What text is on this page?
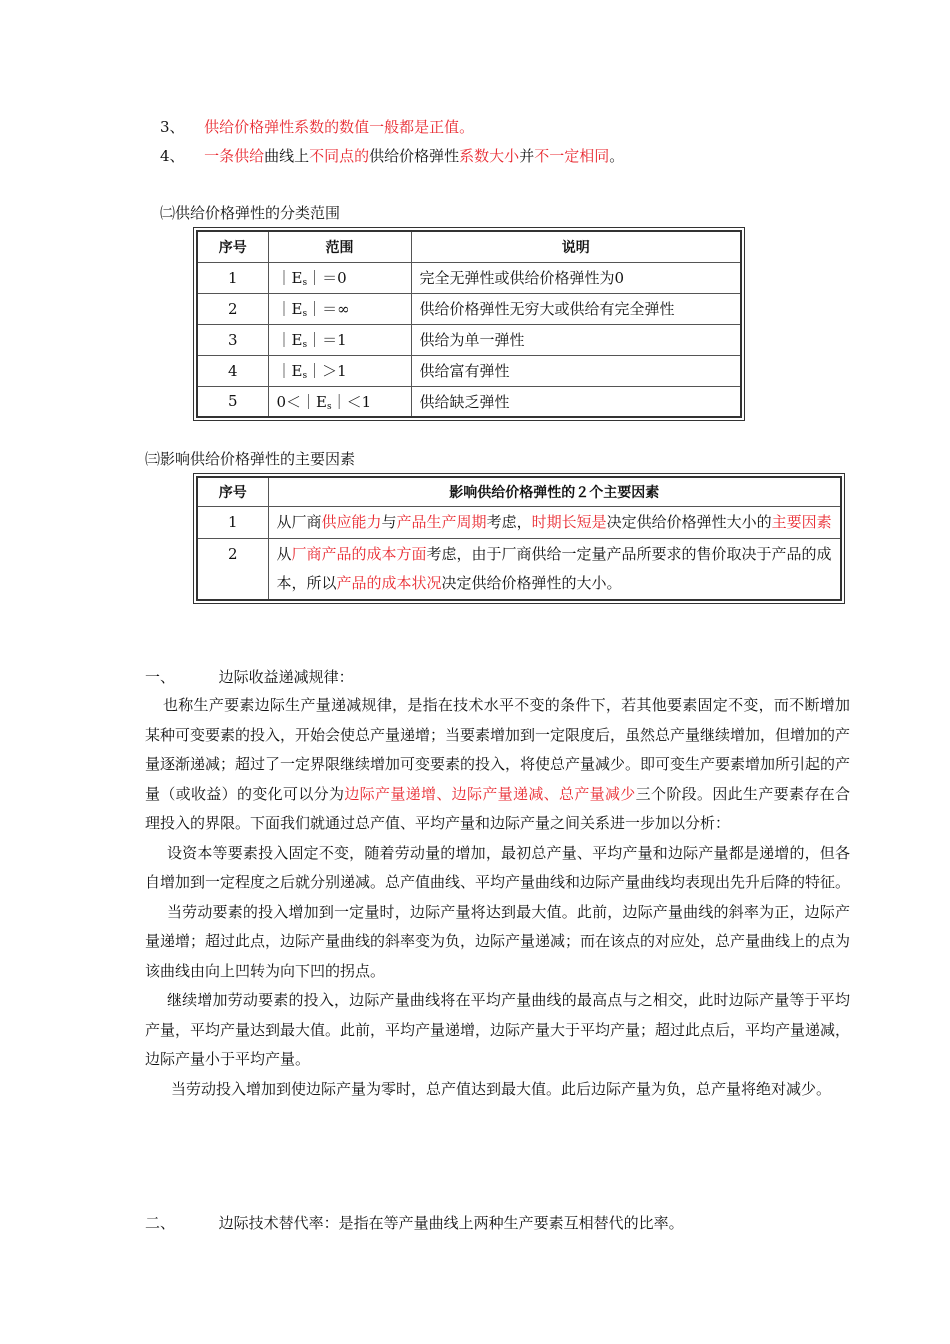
3、 供给价格弹性系数的数值一般都是正值。
4、 一条供给曲线上不同点的供给价格弹性系数大小并不一定相同。
㈡供给价格弹性的分类范围
序号	范围	说明
1	$|E_s|=0$	完全无弹性或供给价格弹性为0
2	$|E_s|=\infty$	供给价格弹性无穷大或供给有完全弹性
3	$|E_s|=1$	供给为单一弹性
4	$|E_s|>1$	供给富有弹性
5	$0<|E_s|<1$	供给缺乏弹性
㈢影响供给价格弹性的主要因素
序号	影响供给价格弹性的２个主要因素
1	从厂商供应能力与产品生产周期考虑，时期长短是决定供给价格弹性大小的主要因素
2	从厂商产品的成本方面考虑，由于厂商供给一定量产品所要求的售价取决于产品的成本，所以产品的成本状况决定供给价格弹性的大小。
一、	边际收益递减规律：

也称生产要素边际生产量递减规律，是指在技术水平不变的条件下，若其他要素固定不变，而不断增加某种可变要素的投入，开始会使总产量递增；当要素增加到一定限度后，虽然总产量继续增加，但增加的产量逐渐递减；超过了一定界限继续增加可变要素的投入，将使总产量减少。即可变生产要素增加所引起的产量（或收益）的变化可以分为边际产量递增、边际产量递减、总产量减少三个阶段。因此生产要素存在合理投入的界限。下面我们就通过总产值、平均产量和边际产量之间关系进一步加以分析：

设资本等要素投入固定不变，随着劳动量的增加，最初总产量、平均产量和边际产量都是递增的，但各自增加到一定程度之后就分别递减。总产值曲线、平均产量曲线和边际产量曲线均表现出先升后降的特征。

当劳动要素的投入增加到一定量时，边际产量将达到最大值。此前，边际产量曲线的斜率为正，边际产量递增；超过此点，边际产量曲线的斜率变为负，边际产量递减；而在该点的对应处，总产量曲线上的点为该曲线由向上凹转为向下凹的拐点。

继续增加劳动要素的投入，边际产量曲线将在平均产量曲线的最高点与之相交，此时边际产量等于平均产量，平均产量达到最大值。此前，平均产量递增，边际产量大于平均产量；超过此点后，平均产量递减，边际产量小于平均产量。

当劳动投入增加到使边际产量为零时，总产值达到最大值。此后边际产量为负，总产量将绝对减少。

二、	边际技术替代率：是指在等产量曲线上两种生产要素互相替代的比率。
